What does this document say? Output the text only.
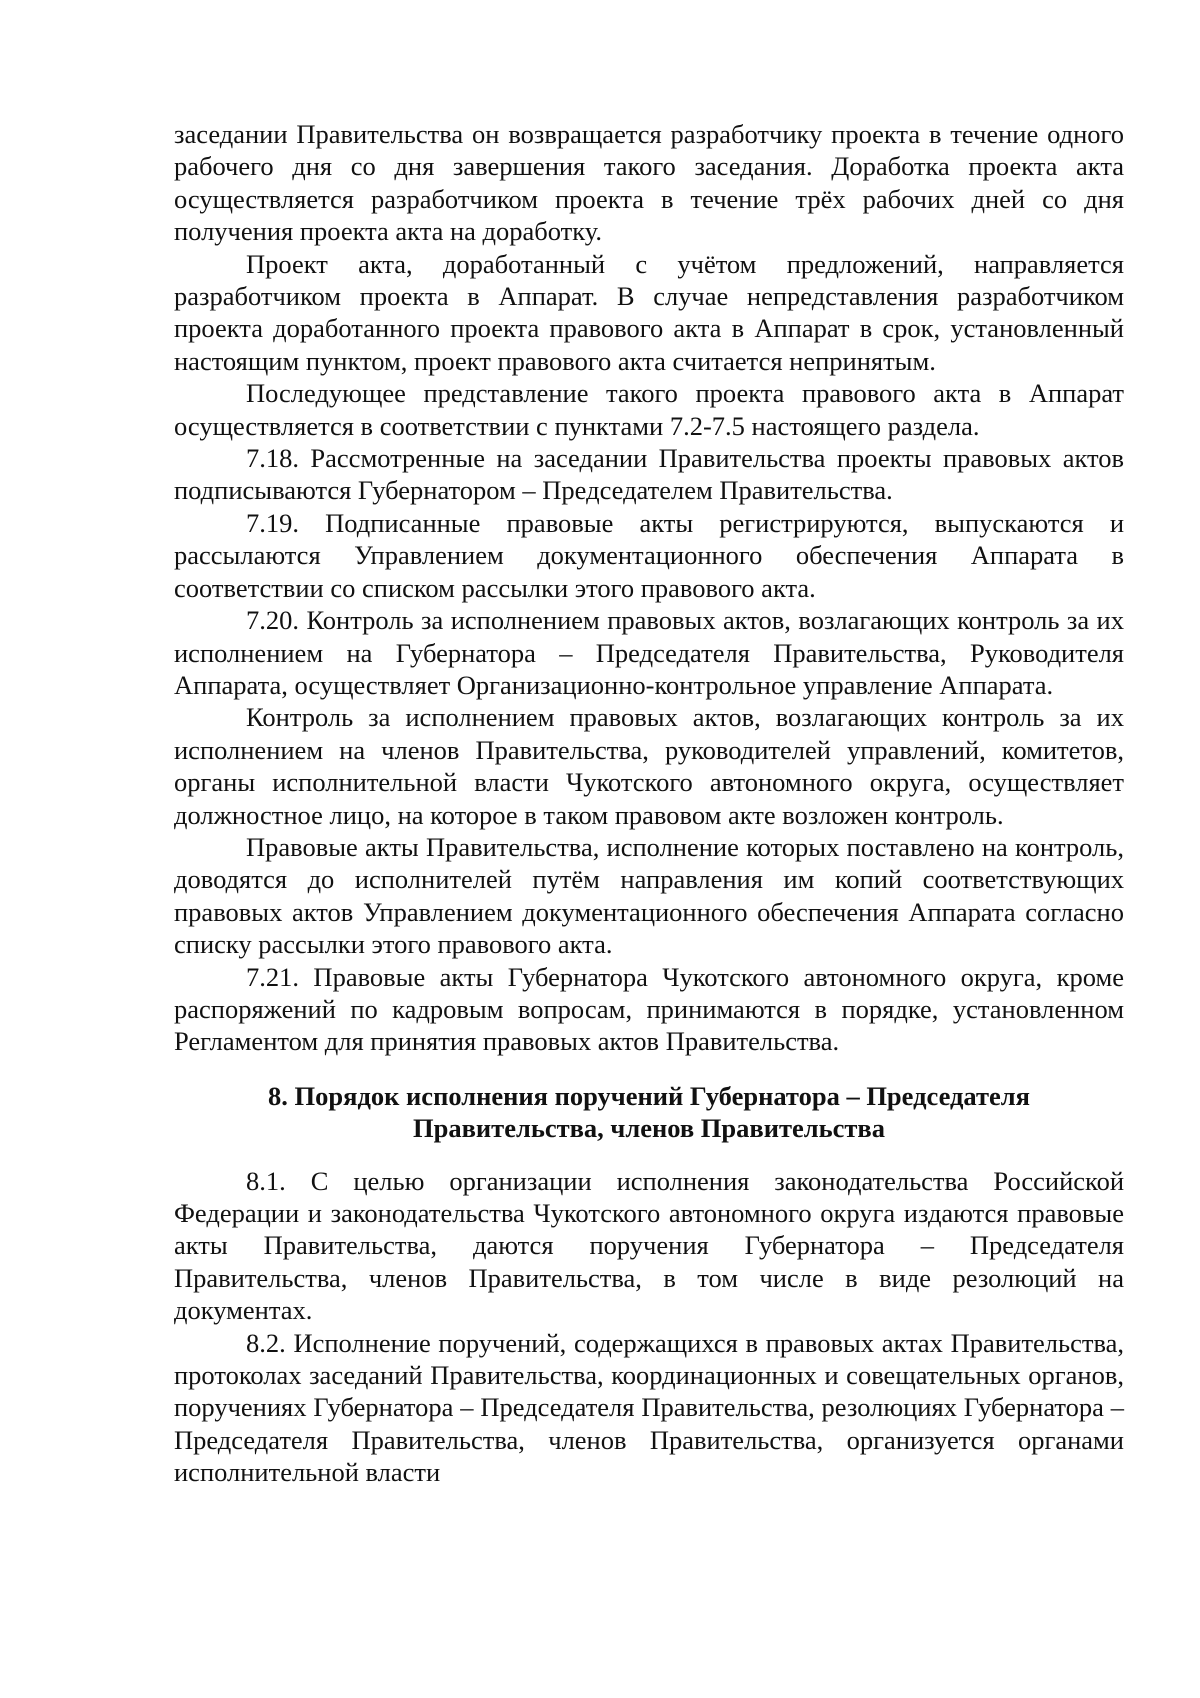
заседании Правительства он возвращается разработчику проекта в течение одного рабочего дня со дня завершения такого заседания. Доработка проекта акта осуществляется разработчиком проекта в течение трёх рабочих дней со дня получения проекта акта на доработку.

Проект акта, доработанный с учётом предложений, направляется разработчиком проекта в Аппарат. В случае непредставления разработчиком проекта доработанного проекта правового акта в Аппарат в срок, установленный настоящим пунктом, проект правового акта считается непринятым.

Последующее представление такого проекта правового акта в Аппарат осуществляется в соответствии с пунктами 7.2-7.5 настоящего раздела.

7.18. Рассмотренные на заседании Правительства проекты правовых актов подписываются Губернатором – Председателем Правительства.

7.19. Подписанные правовые акты регистрируются, выпускаются и рассылаются Управлением документационного обеспечения Аппарата в соответствии со списком рассылки этого правового акта.

7.20. Контроль за исполнением правовых актов, возлагающих контроль за их исполнением на Губернатора – Председателя Правительства, Руководителя Аппарата, осуществляет Организационно-контрольное управление Аппарата.

Контроль за исполнением правовых актов, возлагающих контроль за их исполнением на членов Правительства, руководителей управлений, комитетов, органы исполнительной власти Чукотского автономного округа, осуществляет должностное лицо, на которое в таком правовом акте возложен контроль.

Правовые акты Правительства, исполнение которых поставлено на контроль, доводятся до исполнителей путём направления им копий соответствующих правовых актов Управлением документационного обеспечения Аппарата согласно списку рассылки этого правового акта.

7.21. Правовые акты Губернатора Чукотского автономного округа, кроме распоряжений по кадровым вопросам, принимаются в порядке, установленном Регламентом для принятия правовых актов Правительства.

8. Порядок исполнения поручений Губернатора – Председателя
Правительства, членов Правительства

8.1. С целью организации исполнения законодательства Российской Федерации и законодательства Чукотского автономного округа издаются правовые акты Правительства, даются поручения Губернатора – Председателя Правительства, членов Правительства, в том числе в виде резолюций на документах.

8.2. Исполнение поручений, содержащихся в правовых актах Правительства, протоколах заседаний Правительства, координационных и совещательных органов, поручениях Губернатора – Председателя Правительства, резолюциях Губернатора – Председателя Правительства, членов Правительства, организуется органами исполнительной власти
